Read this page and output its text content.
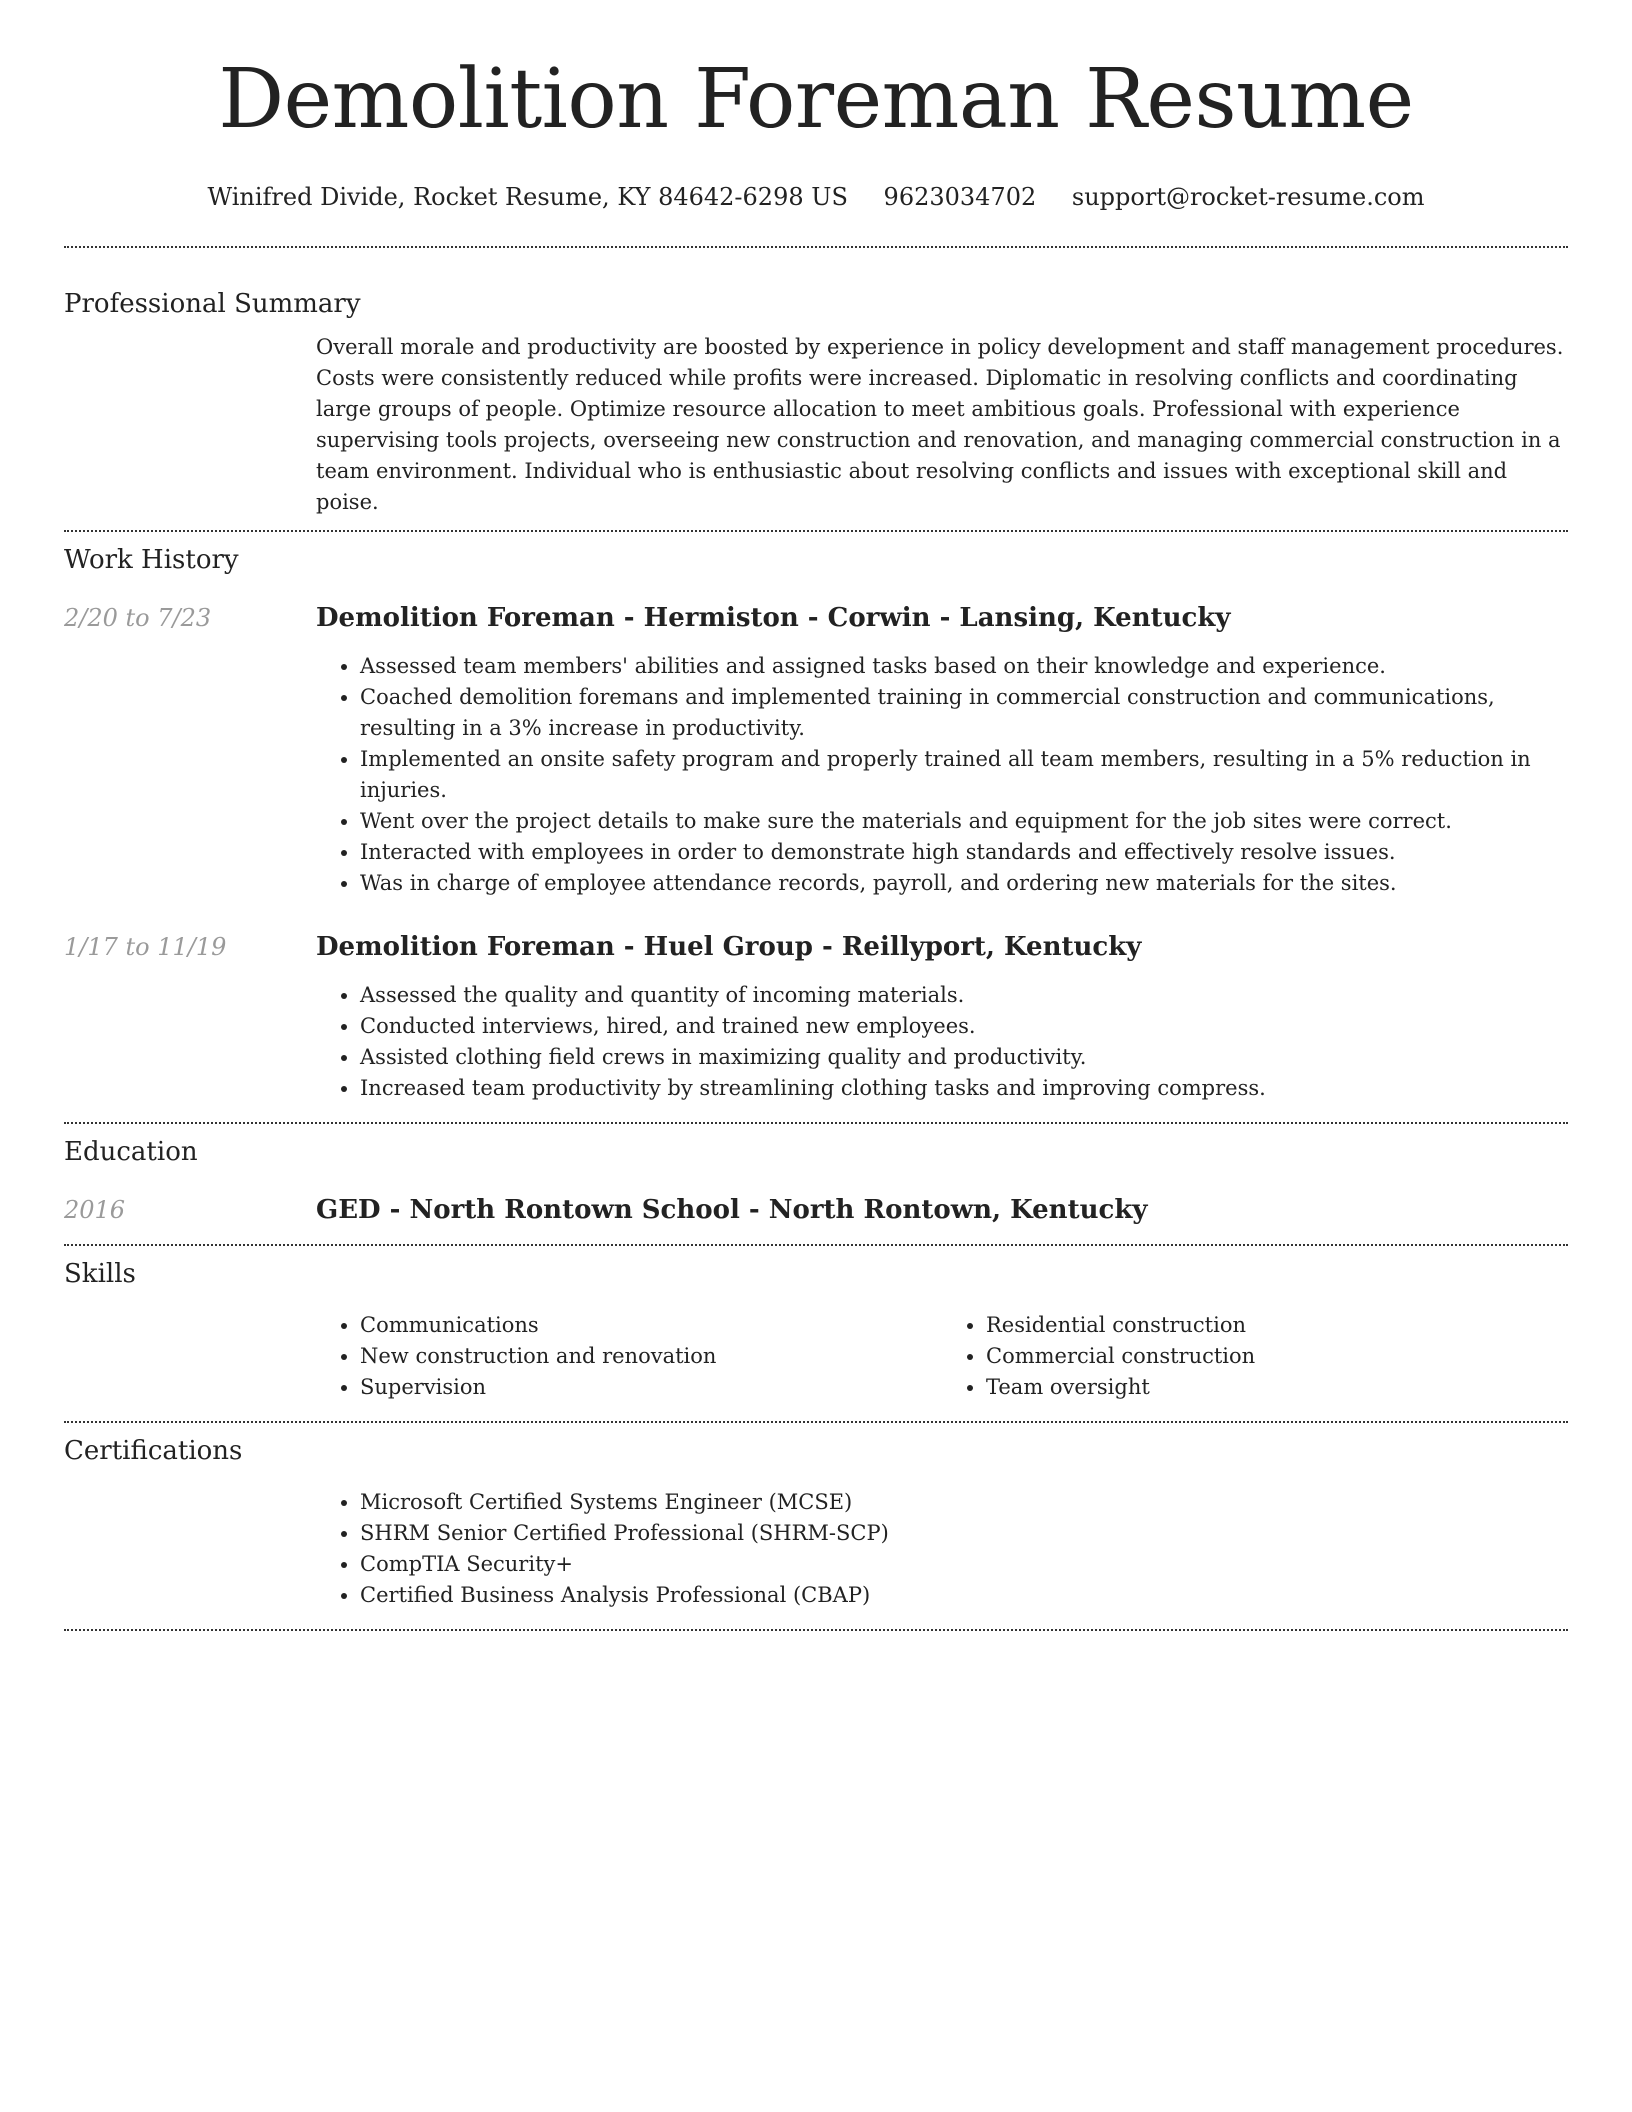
Demolition Foreman Resume
Winifred Divide, Rocket Resume, KY 84642-6298 US 9623034702 support@rocket-resume.com
Professional Summary
Overall morale and productivity are boosted by experience in policy development and staff management procedures. Costs were consistently reduced while profits were increased. Diplomatic in resolving conflicts and coordinating large groups of people. Optimize resource allocation to meet ambitious goals. Professional with experience supervising tools projects, overseeing new construction and renovation, and managing commercial construction in a team environment. Individual who is enthusiastic about resolving conflicts and issues with exceptional skill and poise.
Work History
2/20 to 7/23	Demolition Foreman - Hermiston - Corwin - Lansing, Kentucky
• Assessed team members' abilities and assigned tasks based on their knowledge and experience.
• Coached demolition foremans and implemented training in commercial construction and communications, resulting in a 3% increase in productivity.
• Implemented an onsite safety program and properly trained all team members, resulting in a 5% reduction in injuries.
• Went over the project details to make sure the materials and equipment for the job sites were correct.
• Interacted with employees in order to demonstrate high standards and effectively resolve issues.
• Was in charge of employee attendance records, payroll, and ordering new materials for the sites.
1/17 to 11/19	Demolition Foreman - Huel Group - Reillyport, Kentucky
• Assessed the quality and quantity of incoming materials.
• Conducted interviews, hired, and trained new employees.
• Assisted clothing field crews in maximizing quality and productivity.
• Increased team productivity by streamlining clothing tasks and improving compress.
Education
2016	GED - North Rontown School - North Rontown, Kentucky
Skills
• Communications
• New construction and renovation
• Supervision
• Residential construction
• Commercial construction
• Team oversight
Certifications
• Microsoft Certified Systems Engineer (MCSE)
• SHRM Senior Certified Professional (SHRM-SCP)
• CompTIA Security+
• Certified Business Analysis Professional (CBAP)
